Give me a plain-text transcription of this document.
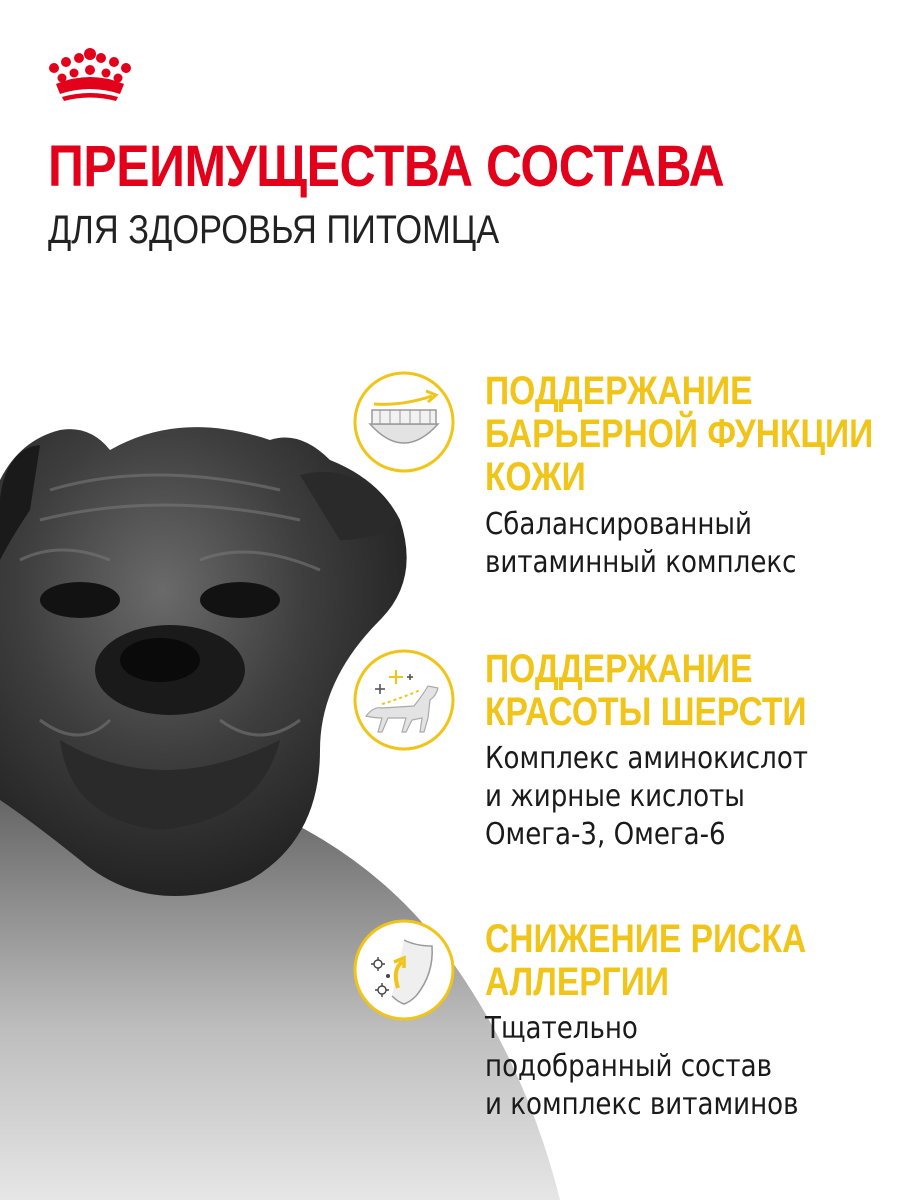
ПРЕИМУЩЕСТВА СОСТАВА
ДЛЯ ЗДОРОВЬЯ ПИТОМЦА
ПОДДЕРЖАНИЕ
БАРЬЕРНОЙ ФУНКЦИИ
КОЖИ
Сбалансированный
витаминный комплекс
ПОДДЕРЖАНИЕ
КРАСОТЫ ШЕРСТИ
Комплекс аминокислот
и жирные кислоты
Омега-3, Омега-6
СНИЖЕНИЕ РИСКА
АЛЛЕРГИИ
Тщательно
подобранный состав
и комплекс витаминов
